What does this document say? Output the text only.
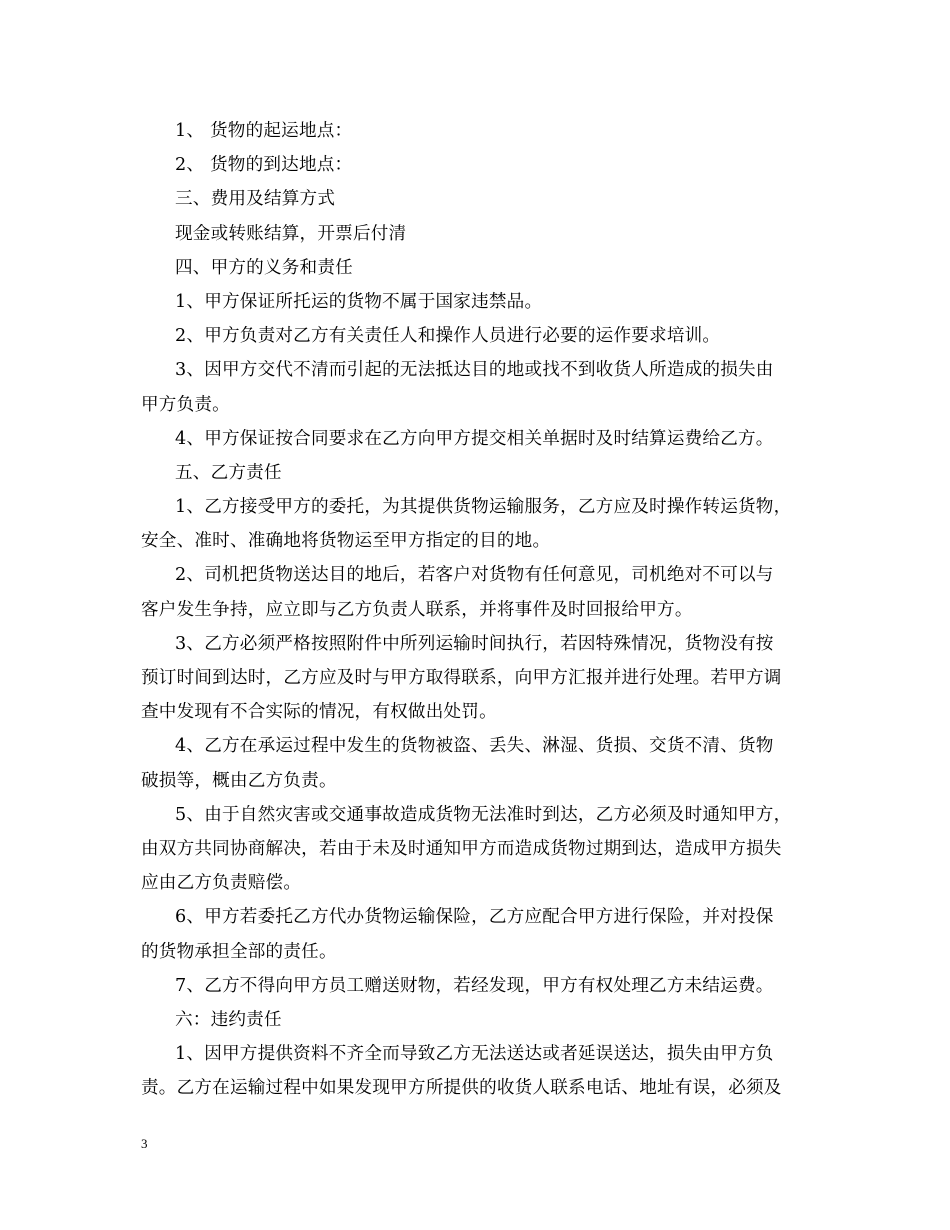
1、 货物的起运地点：
2、 货物的到达地点：
三、费用及结算方式
现金或转账结算，开票后付清
四、甲方的义务和责任
1、甲方保证所托运的货物不属于国家违禁品。
2、甲方负责对乙方有关责任人和操作人员进行必要的运作要求培训。
3、因甲方交代不清而引起的无法抵达目的地或找不到收货人所造成的损失由
甲方负责。
4、甲方保证按合同要求在乙方向甲方提交相关单据时及时结算运费给乙方。
五、乙方责任
1、乙方接受甲方的委托，为其提供货物运输服务，乙方应及时操作转运货物，
安全、准时、准确地将货物运至甲方指定的目的地。
2、司机把货物送达目的地后，若客户对货物有任何意见，司机绝对不可以与
客户发生争持，应立即与乙方负责人联系，并将事件及时回报给甲方。
3、乙方必须严格按照附件中所列运输时间执行，若因特殊情况，货物没有按
预订时间到达时，乙方应及时与甲方取得联系，向甲方汇报并进行处理。若甲方调
查中发现有不合实际的情况，有权做出处罚。
4、乙方在承运过程中发生的货物被盗、丢失、淋湿、货损、交货不清、货物
破损等，概由乙方负责。
5、由于自然灾害或交通事故造成货物无法准时到达，乙方必须及时通知甲方，
由双方共同协商解决，若由于未及时通知甲方而造成货物过期到达，造成甲方损失
应由乙方负责赔偿。
6、甲方若委托乙方代办货物运输保险，乙方应配合甲方进行保险，并对投保
的货物承担全部的责任。
7、乙方不得向甲方员工赠送财物，若经发现，甲方有权处理乙方未结运费。
六：违约责任
1、因甲方提供资料不齐全而导致乙方无法送达或者延误送达，损失由甲方负
责。乙方在运输过程中如果发现甲方所提供的收货人联系电话、地址有误，必须及
3
